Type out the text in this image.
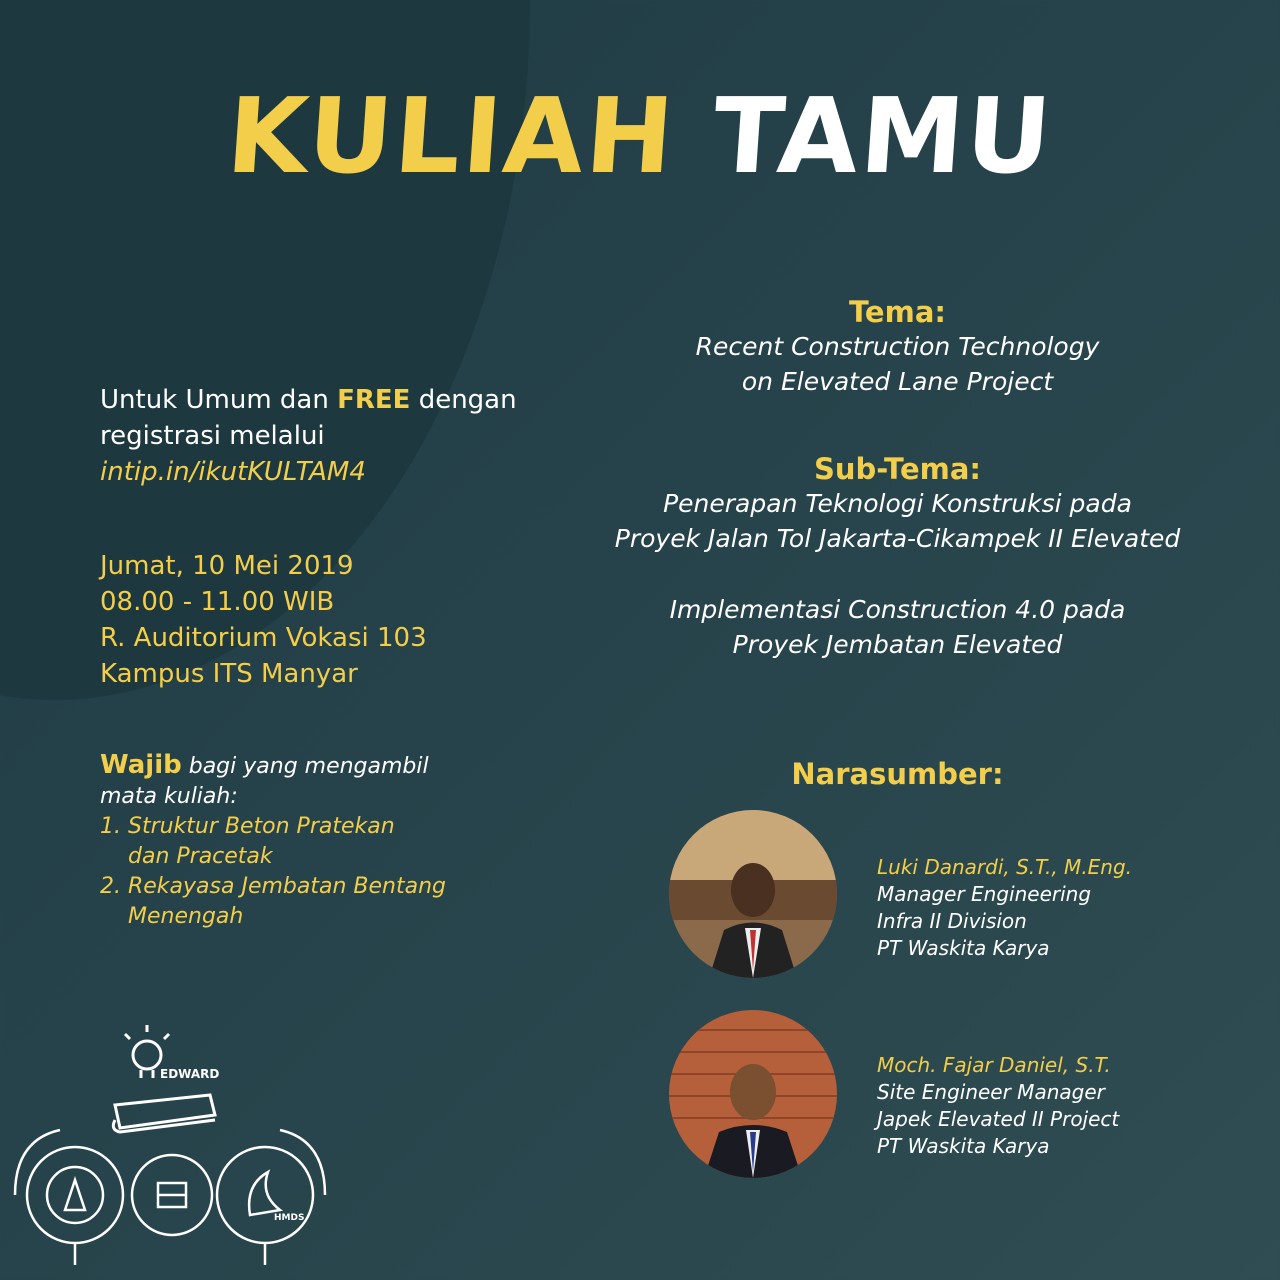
KULIAH TAMU
Untuk Umum dan FREE dengan
registrasi melalui
intip.in/ikutKULTAM4
Jumat, 10 Mei 2019
08.00 - 11.00 WIB
R. Auditorium Vokasi 103
Kampus ITS Manyar
Wajib bagi yang mengambil
mata kuliah:
1. Struktur Beton Pratekan
dan Pracetak
2. Rekayasa Jembatan Bentang
Menengah
Tema:
Recent Construction Technology
on Elevated Lane Project
Sub-Tema:
Penerapan Teknologi Konstruksi pada
Proyek Jalan Tol Jakarta-Cikampek II Elevated
Implementasi Construction 4.0 pada
Proyek Jembatan Elevated
Narasumber:
Luki Danardi, S.T., M.Eng.
Manager Engineering
Infra II Division
PT Waskita Karya
Moch. Fajar Daniel, S.T.
Site Engineer Manager
Japek Elevated II Project
PT Waskita Karya
EDWARD
HMDS
